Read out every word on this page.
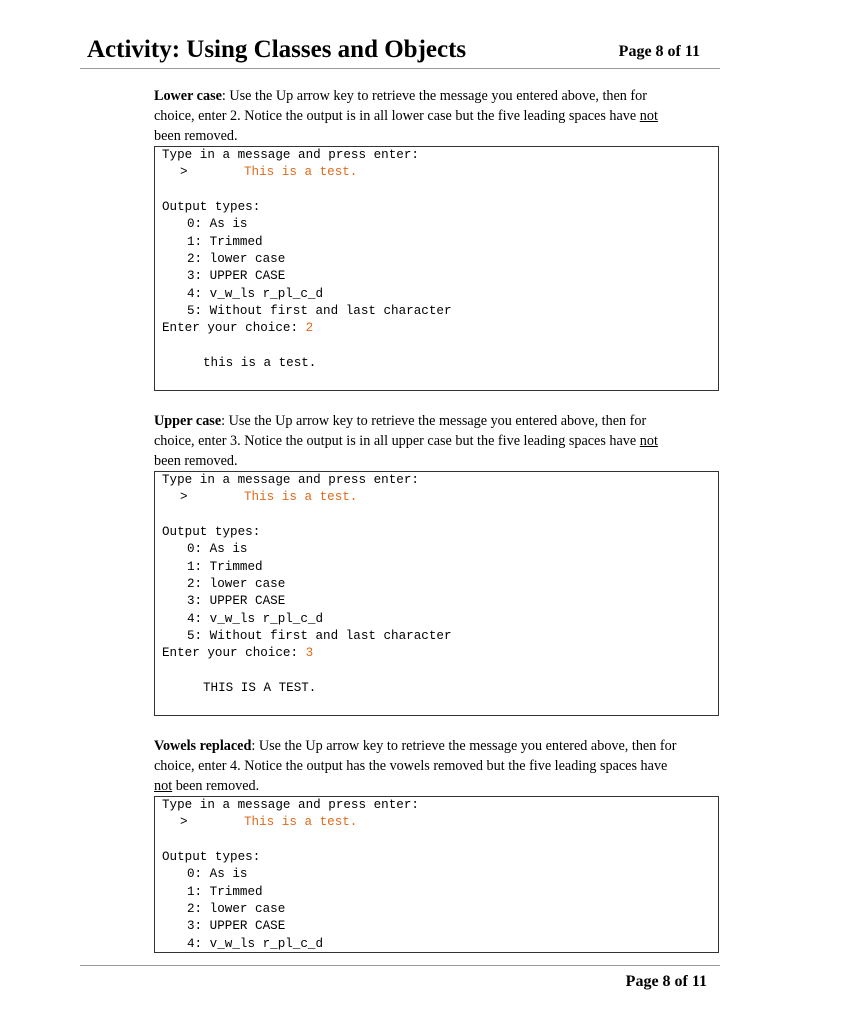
Activity: Using Classes and Objects	Page 8 of 11
Lower case: Use the Up arrow key to retrieve the message you entered above, then for
choice, enter 2. Notice the output is in all lower case but the five leading spaces have not
been removed.
Type in a message and press enter:
>	This is a test.
Output types:
0: As is
1: Trimmed
2: lower case
3: UPPER CASE
4: v_w_ls r_pl_c_d
5: Without first and last character
Enter your choice: 2
this is a test.
Upper case: Use the Up arrow key to retrieve the message you entered above, then for
choice, enter 3. Notice the output is in all upper case but the five leading spaces have not
been removed.
Type in a message and press enter:
>	This is a test.
Output types:
0: As is
1: Trimmed
2: lower case
3: UPPER CASE
4: v_w_ls r_pl_c_d
5: Without first and last character
Enter your choice: 3
THIS IS A TEST.
Vowels replaced: Use the Up arrow key to retrieve the message you entered above, then for
choice, enter 4. Notice the output has the vowels removed but the five leading spaces have
not been removed.
Type in a message and press enter:
>	This is a test.
Output types:
0: As is
1: Trimmed
2: lower case
3: UPPER CASE
4: v_w_ls r_pl_c_d
Page 8 of 11
